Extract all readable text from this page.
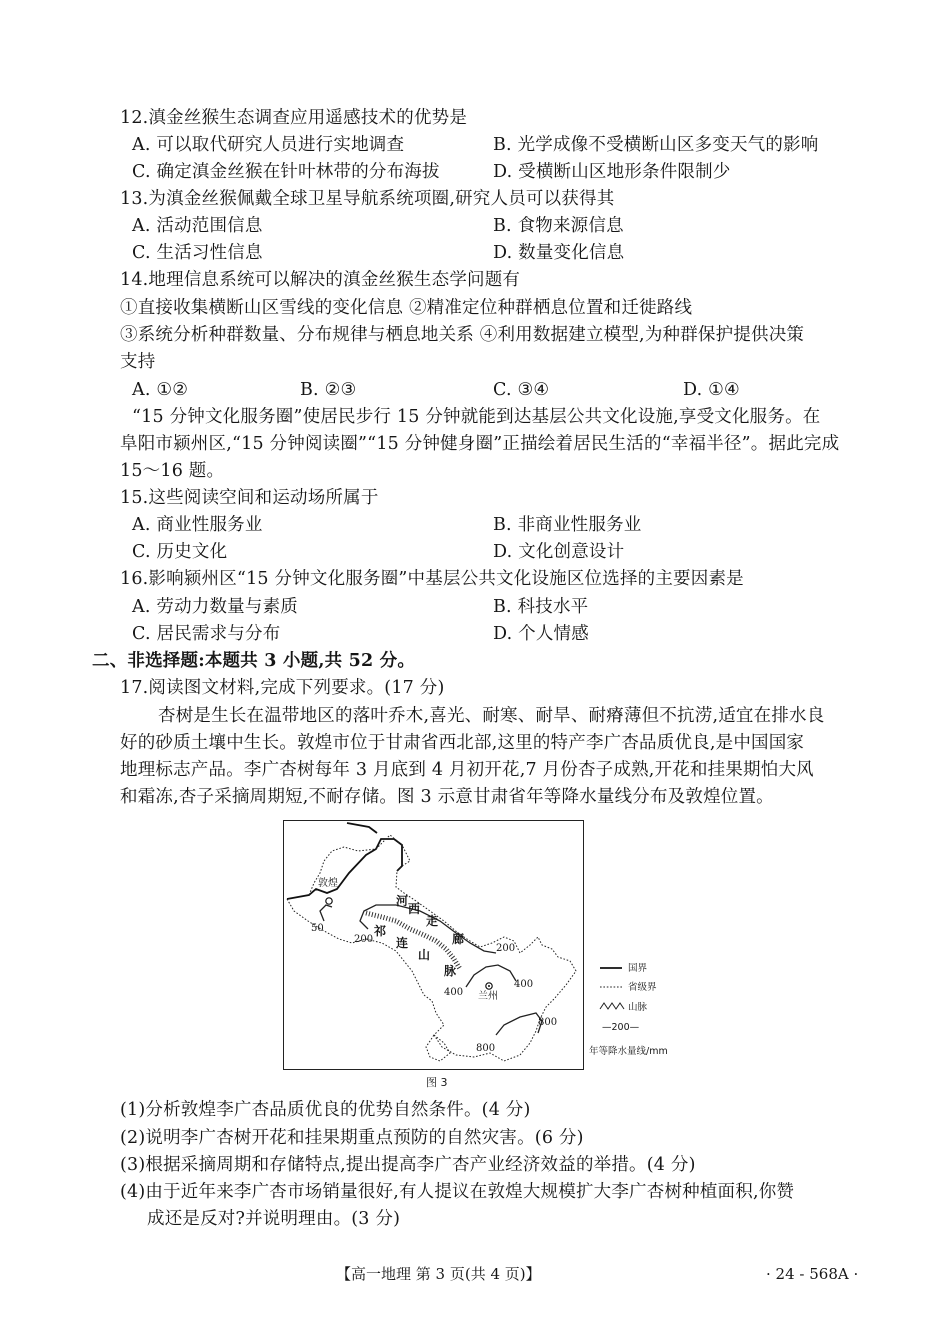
12.滇金丝猴生态调查应用遥感技术的优势是
A. 可以取代研究人员进行实地调查	B. 光学成像不受横断山区多变天气的影响
C. 确定滇金丝猴在针叶林带的分布海拔	D. 受横断山区地形条件限制少
13.为滇金丝猴佩戴全球卫星导航系统项圈,研究人员可以获得其
A. 活动范围信息	B. 食物来源信息
C. 生活习性信息	D. 数量变化信息
14.地理信息系统可以解决的滇金丝猴生态学问题有
①直接收集横断山区雪线的变化信息 ②精准定位种群栖息位置和迁徙路线
③系统分析种群数量、分布规律与栖息地关系 ④利用数据建立模型,为种群保护提供决策
支持
A. ①②	B. ②③	C. ③④	D. ①④
“15 分钟文化服务圈”使居民步行 15 分钟就能到达基层公共文化设施,享受文化服务。在
阜阳市颍州区,“15 分钟阅读圈”“15 分钟健身圈”正描绘着居民生活的“幸福半径”。据此完成
15～16 题。
15.这些阅读空间和运动场所属于
A. 商业性服务业	B. 非商业性服务业
C. 历史文化	D. 文化创意设计
16.影响颍州区“15 分钟文化服务圈”中基层公共文化设施区位选择的主要因素是
A. 劳动力数量与素质	B. 科技水平
C. 居民需求与分布	D. 个人情感
二、非选择题:本题共 3 小题,共 52 分。
17.阅读图文材料,完成下列要求。(17 分)
杏树是生长在温带地区的落叶乔木,喜光、耐寒、耐旱、耐瘠薄但不抗涝,适宜在排水良
好的砂质土壤中生长。敦煌市位于甘肃省西北部,这里的特产李广杏品质优良,是中国国家
地理标志产品。李广杏树每年 3 月底到 4 月初开花,7 月份杏子成熟,开花和挂果期怕大风
和霜冻,杏子采摘周期短,不耐存储。图 3 示意甘肃省年等降水量线分布及敦煌位置。
敦煌
兰州
河
西
走
廊
祁
连
山
脉
50
200
200
400
400
800
800
国界
省级界
山脉
—200—
年等降水量线/mm
图 3
(1)分析敦煌李广杏品质优良的优势自然条件。(4 分)
(2)说明李广杏树开花和挂果期重点预防的自然灾害。(6 分)
(3)根据采摘周期和存储特点,提出提高李广杏产业经济效益的举措。(4 分)
(4)由于近年来李广杏市场销量很好,有人提议在敦煌大规模扩大李广杏树种植面积,你赞
成还是反对?并说明理由。(3 分)
【高一地理 第 3 页(共 4 页)】	· 24 - 568A ·
